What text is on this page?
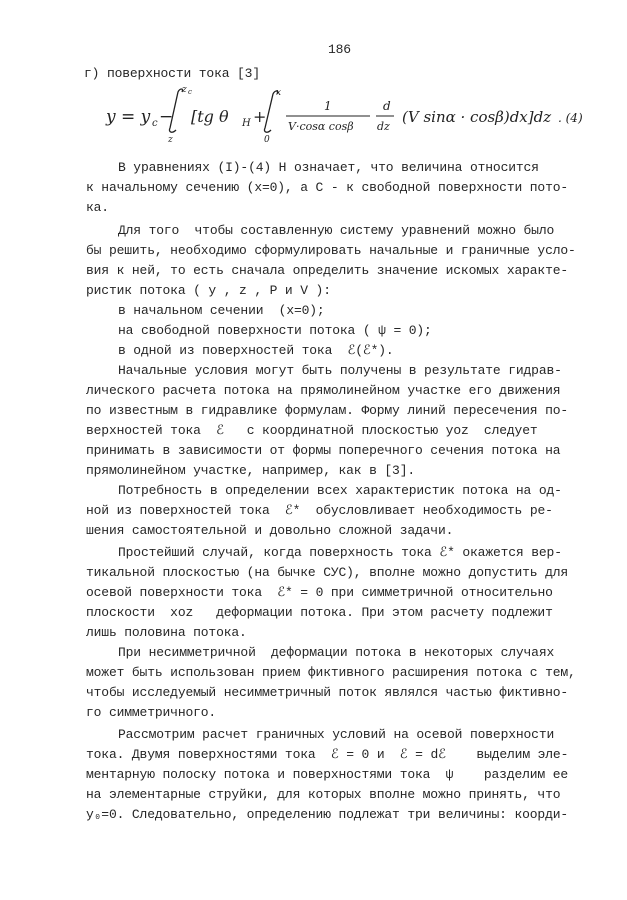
186
г) поверхности тока [3]
y = y c −
z c
z
[tg θ H +
x
0
1
V·cosα cosβ
d
dz
(V sinα · cosβ)dx]dz . (4)
В уравнениях (I)-(4) H означает, что величина относится
к начальному сечению (x=0), а C - к свободной поверхности пото-
ка.
Для того  чтобы составленную систему уравнений можно было
бы решить, необходимо сформулировать начальные и граничные усло-
вия к ней, то есть сначала определить значение искомых характе-
ристик потока ( y , z , P и V ):
в начальном сечении  (x=0);
на свободной поверхности потока ( ψ = 0);
в одной из поверхностей тока  ℰ(ℰ*).
Начальные условия могут быть получены в результате гидрав-
лического расчета потока на прямолинейном участке его движения
по известным в гидравлике формулам. Форму линий пересечения по-
верхностей тока  ℰ   с координатной плоскостью yoz  следует
принимать в зависимости от формы поперечного сечения потока на
прямолинейном участке, например, как в [3].
Потребность в определении всех характеристик потока на од-
ной из поверхностей тока  ℰ*  обусловливает необходимость ре-
шения самостоятельной и довольно сложной задачи.
Простейший случай, когда поверхность тока ℰ* окажется вер-
тикальной плоскостью (на бычке СУС), вполне можно допустить для
осевой поверхности тока  ℰ* = 0 при симметричной относительно
плоскости  xoz   деформации потока. При этом расчету подлежит
лишь половина потока.
При несимметричной  деформации потока в некоторых случаях
может быть использован прием фиктивного расширения потока с тем,
чтобы исследуемый несимметричный поток являлся частью фиктивно-
го симметричного.
Рассмотрим расчет граничных условий на осевой поверхности
тока. Двумя поверхностями тока  ℰ = 0 и  ℰ = dℰ    выделим эле-
ментарную полоску потока и поверхностями тока  ψ    разделим ее
на элементарные струйки, для которых вполне можно принять, что
y₀=0. Следовательно, определению подлежат три величины: коорди-
